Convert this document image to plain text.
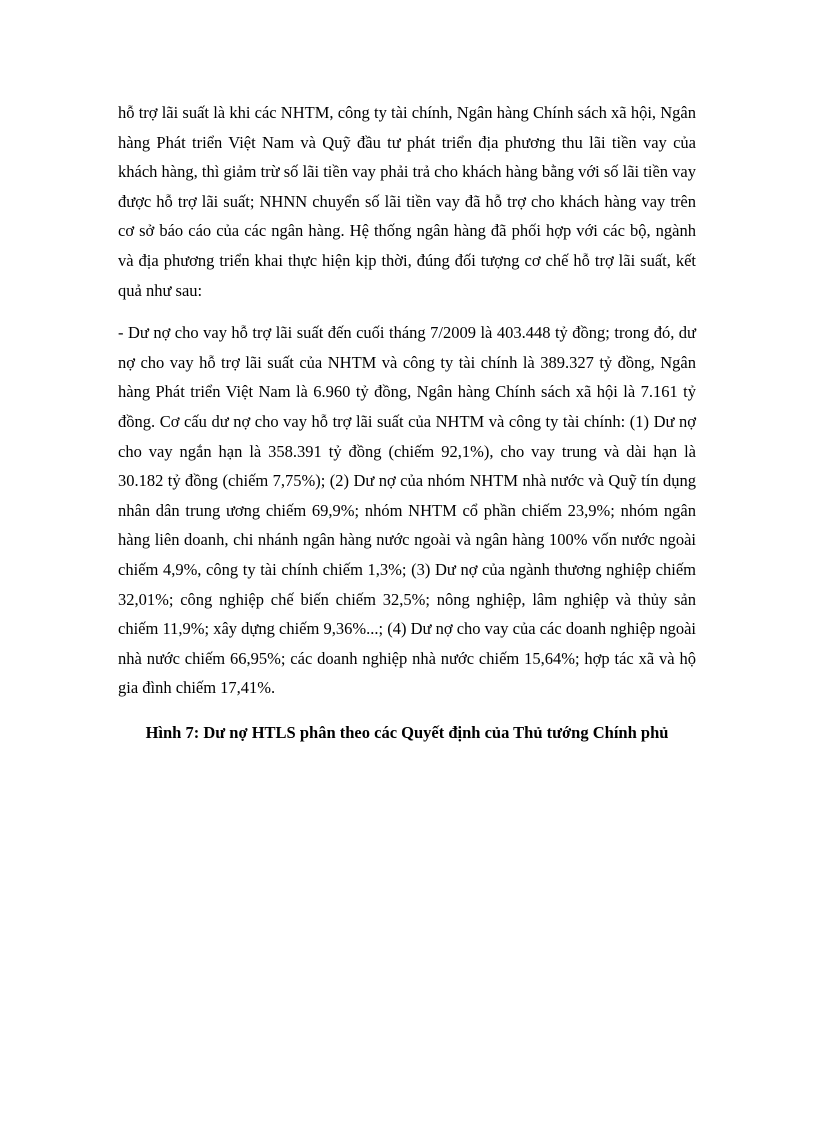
hỗ trợ lãi suất là khi các NHTM, công ty tài chính, Ngân hàng Chính sách xã hội, Ngân hàng Phát triển Việt Nam và Quỹ đầu tư phát triển địa phương thu lãi tiền vay của khách hàng, thì giảm trừ số lãi tiền vay phải trả cho khách hàng bằng với số lãi tiền vay được hỗ trợ lãi suất; NHNN chuyển số lãi tiền vay đã hỗ trợ cho khách hàng vay trên cơ sở báo cáo của các ngân hàng. Hệ thống ngân hàng đã phối hợp với các bộ, ngành và địa phương triển khai thực hiện kịp thời, đúng đối tượng cơ chế hỗ trợ lãi suất, kết quả như sau:

- Dư nợ cho vay hỗ trợ lãi suất đến cuối tháng 7/2009 là 403.448 tỷ đồng; trong đó, dư nợ cho vay hỗ trợ lãi suất của NHTM và công ty tài chính là 389.327 tỷ đồng, Ngân hàng Phát triển Việt Nam là 6.960 tỷ đồng, Ngân hàng Chính sách xã hội là 7.161 tỷ đồng. Cơ cấu dư nợ cho vay hỗ trợ lãi suất của NHTM và công ty tài chính: (1) Dư nợ cho vay ngắn hạn là 358.391 tỷ đồng (chiếm 92,1%), cho vay trung và dài hạn là 30.182 tỷ đồng (chiếm 7,75%); (2) Dư nợ của nhóm NHTM nhà nước và Quỹ tín dụng nhân dân trung ương chiếm 69,9%; nhóm NHTM cổ phần chiếm 23,9%; nhóm ngân hàng liên doanh, chi nhánh ngân hàng nước ngoài và ngân hàng 100% vốn nước ngoài chiếm 4,9%, công ty tài chính chiếm 1,3%; (3) Dư nợ của ngành thương nghiệp chiếm 32,01%; công nghiệp chế biến chiếm 32,5%; nông nghiệp, lâm nghiệp và thủy sản chiếm 11,9%; xây dựng chiếm 9,36%...; (4) Dư nợ cho vay của các doanh nghiệp ngoài nhà nước chiếm 66,95%; các doanh nghiệp nhà nước chiếm 15,64%; hợp tác xã và hộ gia đình chiếm 17,41%.

Hình 7: Dư nợ HTLS phân theo các Quyết định của Thủ tướng Chính phủ
